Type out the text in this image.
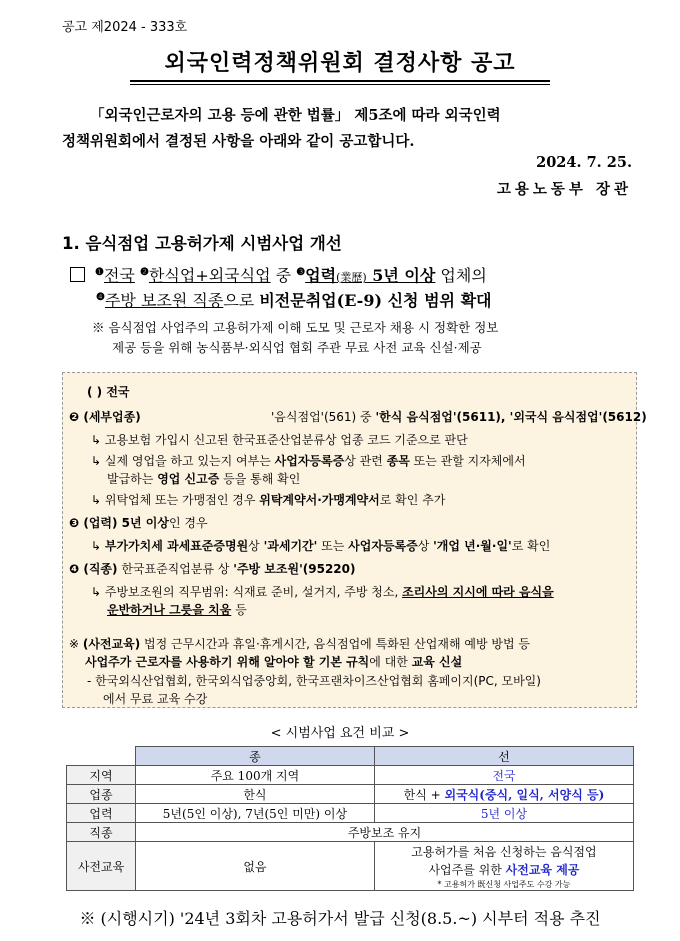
공고 제2024 - 333호
외국인력정책위원회 결정사항 공고
「외국인근로자의 고용 등에 관한 법률」 제5조에 따라 외국인력
정책위원회에서 결정된 사항을 아래와 같이 공고합니다.
2024. 7. 25.
고용노동부 장관
1. 음식점업 고용허가제 시범사업 개선
$^❶$전국 $^❷$한식업+외국식업 중 $^❸$업력(業歷) 5년 이상 업체의
$^❹$주방 보조원 직종으로 비전문취업(E-9) 신청 범위 확대
※ 음식점업 사업주의 고용허가제 이해 도모 및 근로자 채용 시 정확한 정보
제공 등을 위해 농식품부·외식업 협회 주관 무료 사전 교육 신설·제공
( ) 전국
❷ (세부업종)	'음식점업'(561) 중 '한식 음식점업'(5611), '외국식 음식점업'(5612)
↳ 고용보험 가입시 신고된 한국표준산업분류상 업종 코드 기준으로 판단
↳ 실제 영업을 하고 있는지 여부는 사업자등록증상 관련 종목 또는 관할 지자체에서
발급하는 영업 신고증 등을 통해 확인
↳ 위탁업체 또는 가맹점인 경우 위탁계약서·가맹계약서로 확인 추가
❸ (업력) 5년 이상인 경우
↳ 부가가치세 과세표준증명원상 '과세기간' 또는 사업자등록증상 '개업 년·월·일'로 확인
❹ (직종) 한국표준직업분류 상 '주방 보조원'(95220)
↳ 주방보조원의 직무범위: 식재료 준비, 설거지, 주방 청소, 조리사의 지시에 따라 음식을
운반하거나 그릇을 치움 등
※ (사전교육) 법정 근무시간과 휴일·휴게시간, 음식점업에 특화된 산업재해 예방 방법 등
사업주가 근로자를 사용하기 위해 알아야 할 기본 규칙에 대한 교육 신설
- 한국외식산업협회, 한국외식업중앙회, 한국프랜차이즈산업협회 홈페이지(PC, 모바일)
에서 무료 교육 수강
< 시범사업 요건 비교 >
	종	선
지역	주요 100개 지역	전국
업종	한식	한식 + 외국식(중식, 일식, 서양식 등)
업력	5년(5인 이상), 7년(5인 미만) 이상	5년 이상
직종	주방보조 유지	
사전교육	없음	고용허가를 처음 신청하는 음식점업
		사업주를 위한 사전교육 제공
		* 고용허가 既신청 사업주도 수강 가능
※ (시행시기) '24년 3회차 고용허가서 발급 신청(8.5.~) 시부터 적용 추진
